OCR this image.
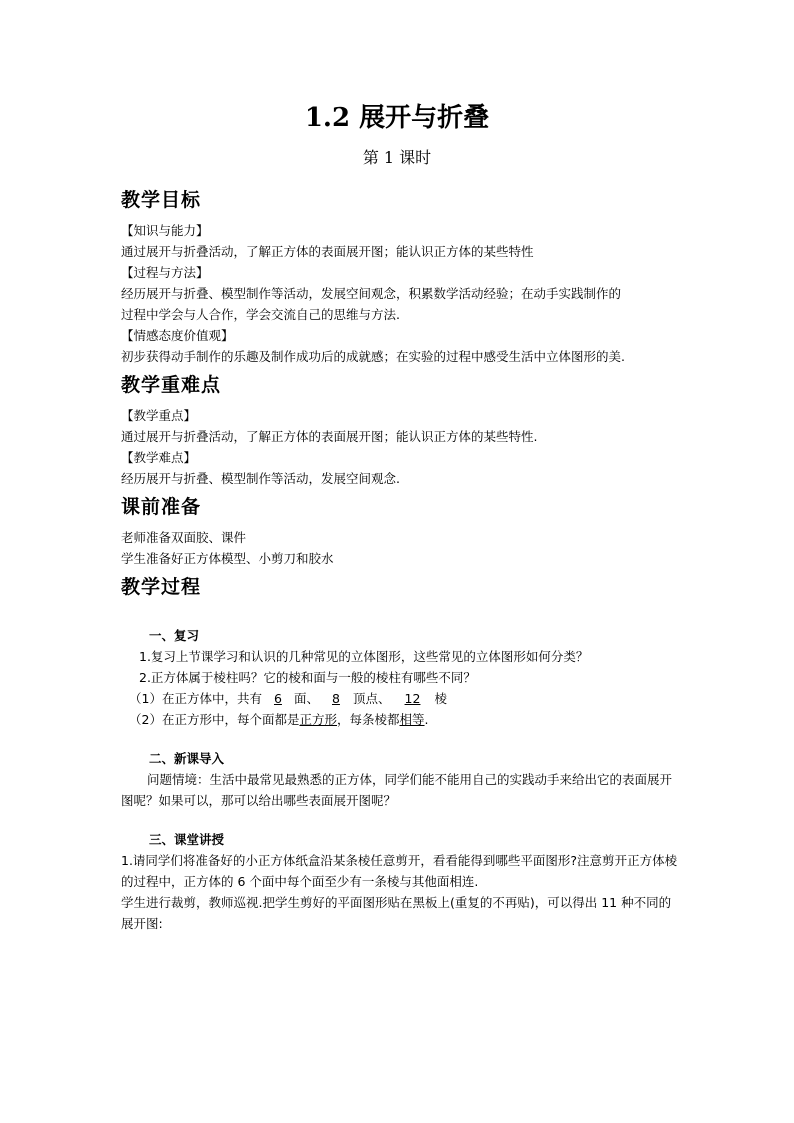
1.2 展开与折叠
第 1 课时
教学目标
【知识与能力】
通过展开与折叠活动，了解正方体的表面展开图；能认识正方体的某些特性
【过程与方法】
经历展开与折叠、模型制作等活动，发展空间观念，积累数学活动经验；在动手实践制作的
过程中学会与人合作，学会交流自己的思维与方法.
【情感态度价值观】
初步获得动手制作的乐趣及制作成功后的成就感；在实验的过程中感受生活中立体图形的美.
教学重难点
【教学重点】
通过展开与折叠活动，了解正方体的表面展开图；能认识正方体的某些特性.
【教学难点】
经历展开与折叠、模型制作等活动，发展空间观念.
课前准备
老师准备双面胶、课件
学生准备好正方体模型、小剪刀和胶水
教学过程
一、复习
1.复习上节课学习和认识的几种常见的立体图形，这些常见的立体图形如何分类？
2.正方体属于棱柱吗？它的棱和面与一般的棱柱有哪些不同？
（1）在正方体中，共有 6 面、 8 顶点、 12 棱
（2）在正方形中，每个面都是正方形，每条棱都相等.
二、新课导入
问题情境：生活中最常见最熟悉的正方体，同学们能不能用自己的实践动手来给出它的表面展开图呢？如果可以，那可以给出哪些表面展开图呢？
三、课堂讲授
1.请同学们将准备好的小正方体纸盒沿某条棱任意剪开，看看能得到哪些平面图形?注意剪开正方体棱的过程中，正方体的 6 个面中每个面至少有一条棱与其他面相连.
学生进行裁剪，教师巡视.把学生剪好的平面图形贴在黑板上(重复的不再贴)，可以得出 11 种不同的展开图:
